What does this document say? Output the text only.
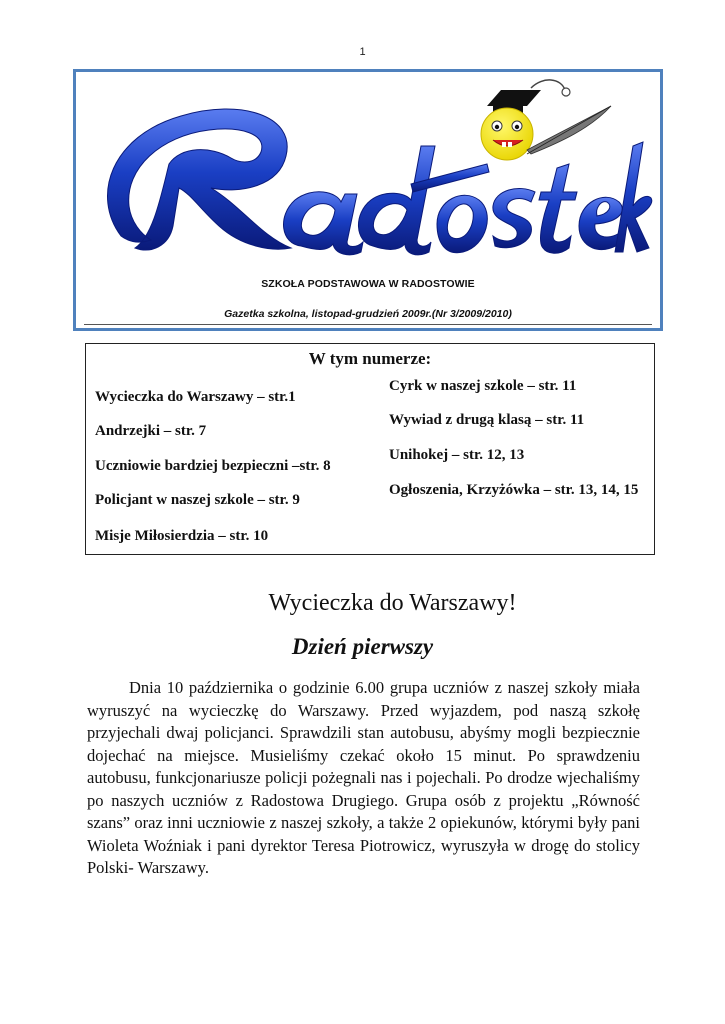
1
SZKOŁA PODSTAWOWA W RADOSTOWIE
Gazetka szkolna, listopad-grudzień 2009r.(Nr 3/2009/2010)
W tym numerze:
Wycieczka do Warszawy – str.1
Andrzejki – str. 7
Uczniowie bardziej bezpieczni –str. 8
Policjant w naszej szkole – str. 9
Misje Miłosierdzia – str. 10
Cyrk w naszej szkole – str. 11
Wywiad z drugą klasą – str. 11
Unihokej – str. 12, 13
Ogłoszenia, Krzyżówka – str. 13, 14, 15
Wycieczka do Warszawy!
Dzień pierwszy

Dnia 10 października o godzinie 6.00 grupa uczniów z naszej szkoły miała wyruszyć na wycieczkę do Warszawy. Przed wyjazdem, pod naszą szkołę przyjechali dwaj policjanci. Sprawdzili stan autobusu, abyśmy mogli bezpiecznie dojechać na miejsce. Musieliśmy czekać około 15 minut. Po sprawdzeniu autobusu, funkcjonariusze policji pożegnali nas i pojechali. Po drodze wjechaliśmy po naszych uczniów z Radostowa Drugiego. Grupa osób z projektu „Równość szans” oraz inni uczniowie z naszej szkoły, a także 2 opiekunów, którymi były pani Wioleta Woźniak i pani dyrektor Teresa Piotrowicz, wyruszyła w drogę do stolicy Polski- Warszawy.
